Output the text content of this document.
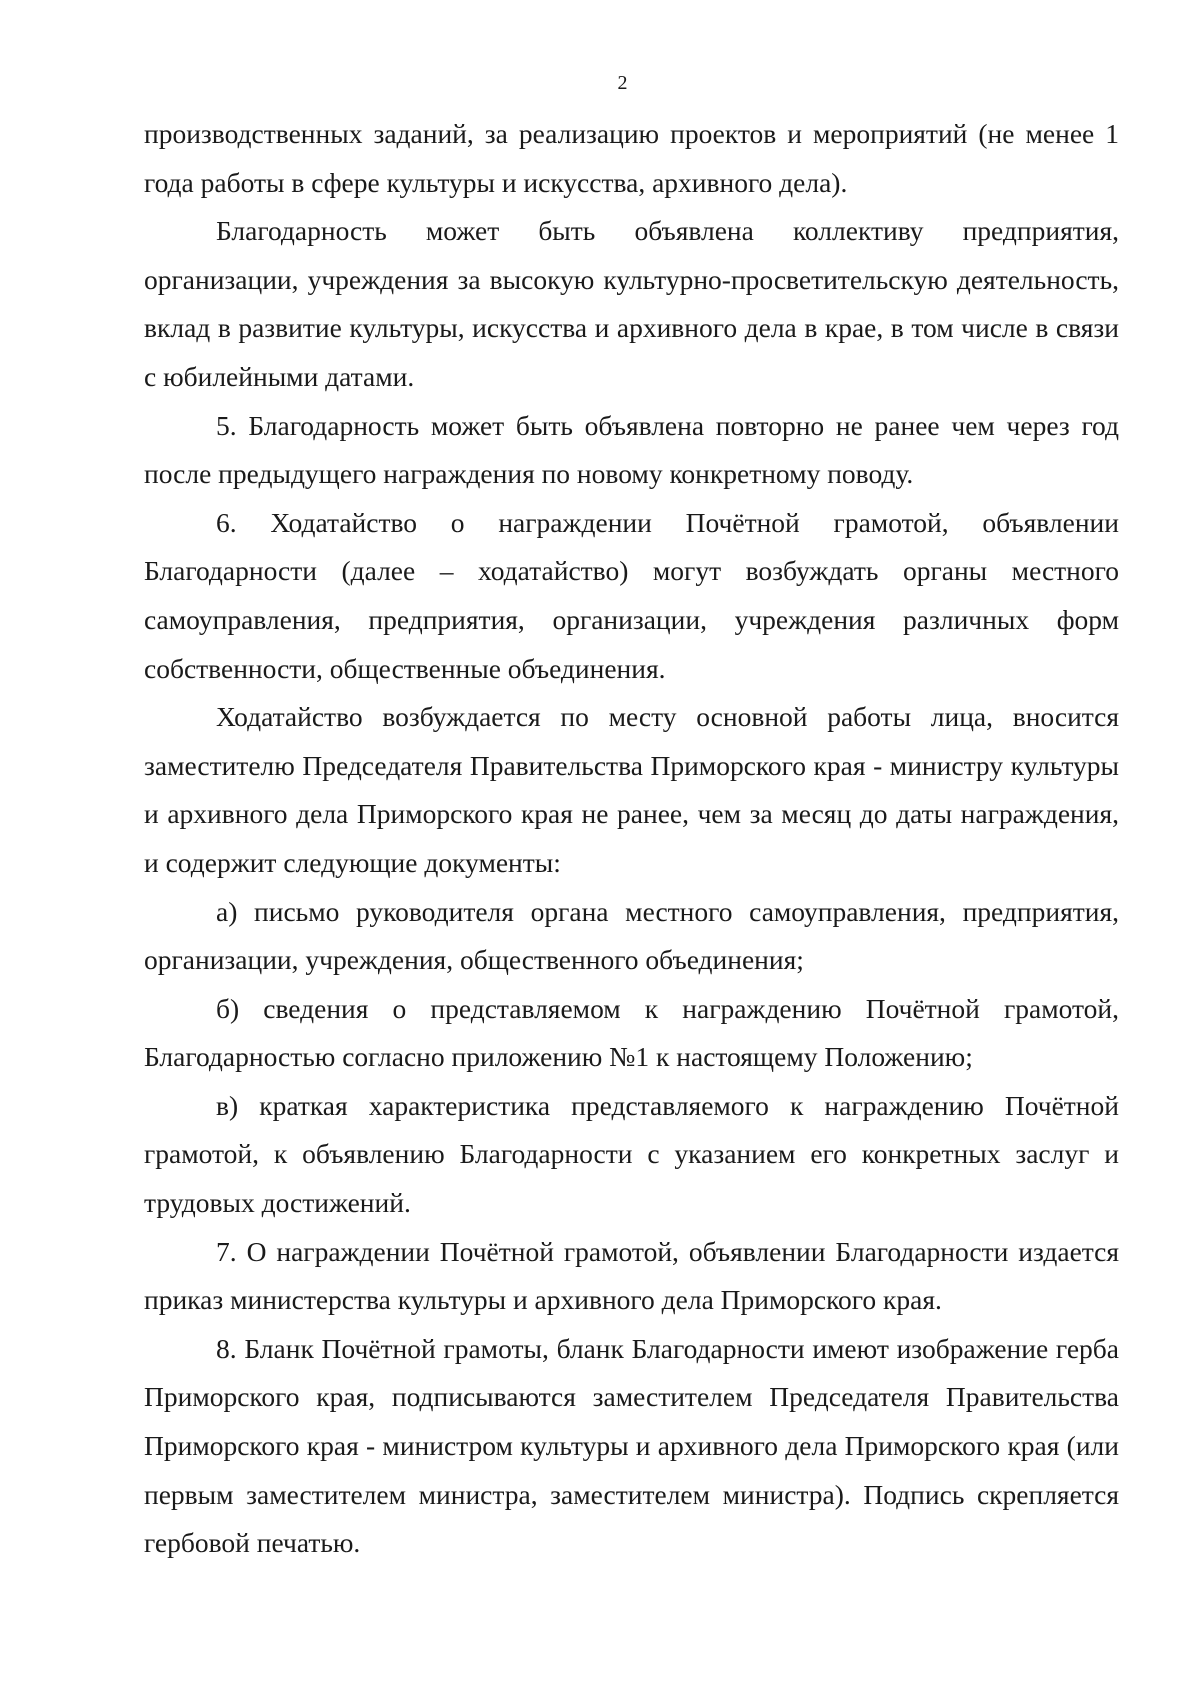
2

производственных заданий, за реализацию проектов и мероприятий (не менее 1 года работы в сфере культуры и искусства, архивного дела).

Благодарность может быть объявлена коллективу предприятия, организации, учреждения за высокую культурно-просветительскую деятельность, вклад в развитие культуры, искусства и архивного дела в крае, в том числе в связи с юбилейными датами.

5. Благодарность может быть объявлена повторно не ранее чем через год после предыдущего награждения по новому конкретному поводу.

6. Ходатайство о награждении Почётной грамотой, объявлении Благодарности (далее – ходатайство) могут возбуждать органы местного самоуправления, предприятия, организации, учреждения различных форм собственности, общественные объединения.

Ходатайство возбуждается по месту основной работы лица, вносится заместителю Председателя Правительства Приморского края - министру культуры и архивного дела Приморского края не ранее, чем за месяц до даты награждения, и содержит следующие документы:

а) письмо руководителя органа местного самоуправления, предприятия, организации, учреждения, общественного объединения;

б) сведения о представляемом к награждению Почётной грамотой, Благодарностью согласно приложению №1 к настоящему Положению;

в) краткая характеристика представляемого к награждению Почётной грамотой, к объявлению Благодарности с указанием его конкретных заслуг и трудовых достижений.

7. О награждении Почётной грамотой, объявлении Благодарности издается приказ министерства культуры и архивного дела Приморского края.

8. Бланк Почётной грамоты, бланк Благодарности имеют изображение герба Приморского края, подписываются заместителем Председателя Правительства Приморского края - министром культуры и архивного дела Приморского края (или первым заместителем министра, заместителем министра). Подпись скрепляется гербовой печатью.
